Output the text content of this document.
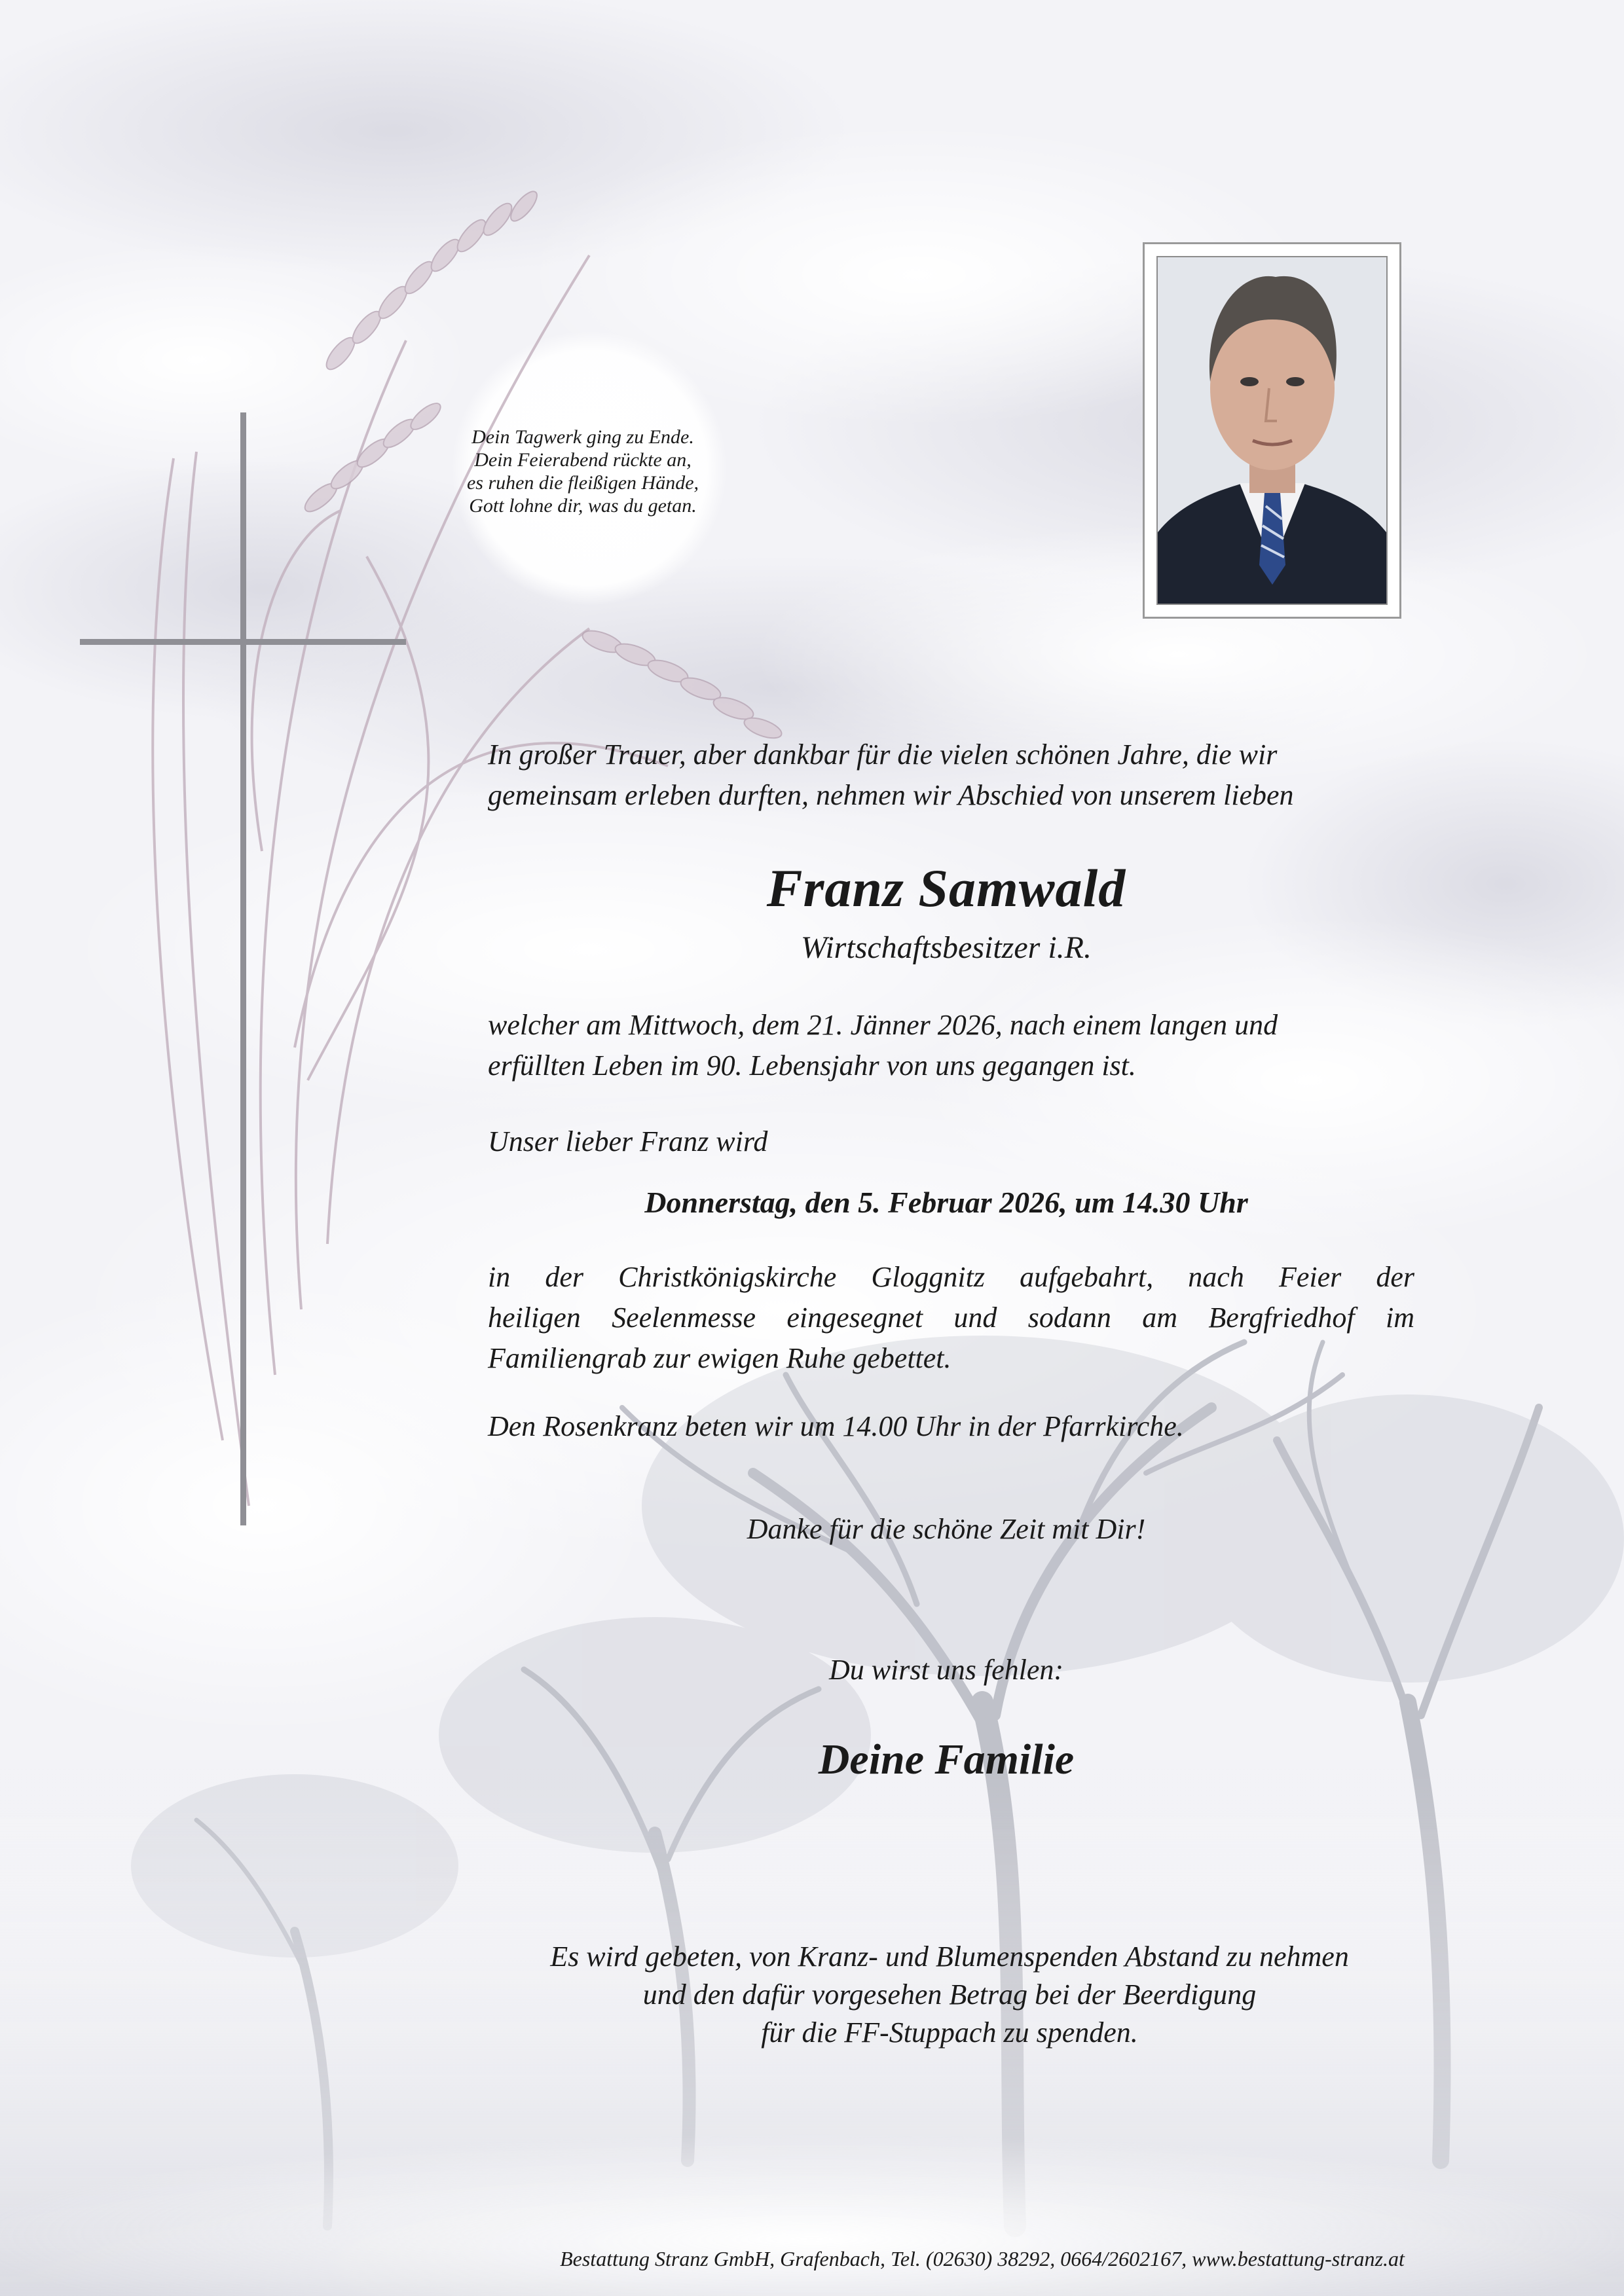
Dein Tagwerk ging zu Ende.
Dein Feierabend rückte an,
es ruhen die fleißigen Hände,
Gott lohne dir, was du getan.
In großer Trauer, aber dankbar für die vielen schönen Jahre, die wir
gemeinsam erleben durften, nehmen wir Abschied von unserem lieben
Franz Samwald
Wirtschaftsbesitzer i.R.
welcher am Mittwoch, dem 21. Jänner 2026, nach einem langen und
erfüllten Leben im 90. Lebensjahr von uns gegangen ist.
Unser lieber Franz wird
Donnerstag, den 5. Februar 2026, um 14.30 Uhr
in der Christkönigskirche Gloggnitz aufgebahrt, nach Feier der
heiligen Seelenmesse eingesegnet und sodann am Bergfriedhof im
Familiengrab zur ewigen Ruhe gebettet.
Den Rosenkranz beten wir um 14.00 Uhr in der Pfarrkirche.
Danke für die schöne Zeit mit Dir!
Du wirst uns fehlen:
Deine Familie
Es wird gebeten, von Kranz- und Blumenspenden Abstand zu nehmen
und den dafür vorgesehen Betrag bei der Beerdigung
für die FF-Stuppach zu spenden.
Bestattung Stranz GmbH, Grafenbach, Tel. (02630) 38292, 0664/2602167, www.bestattung-stranz.at
